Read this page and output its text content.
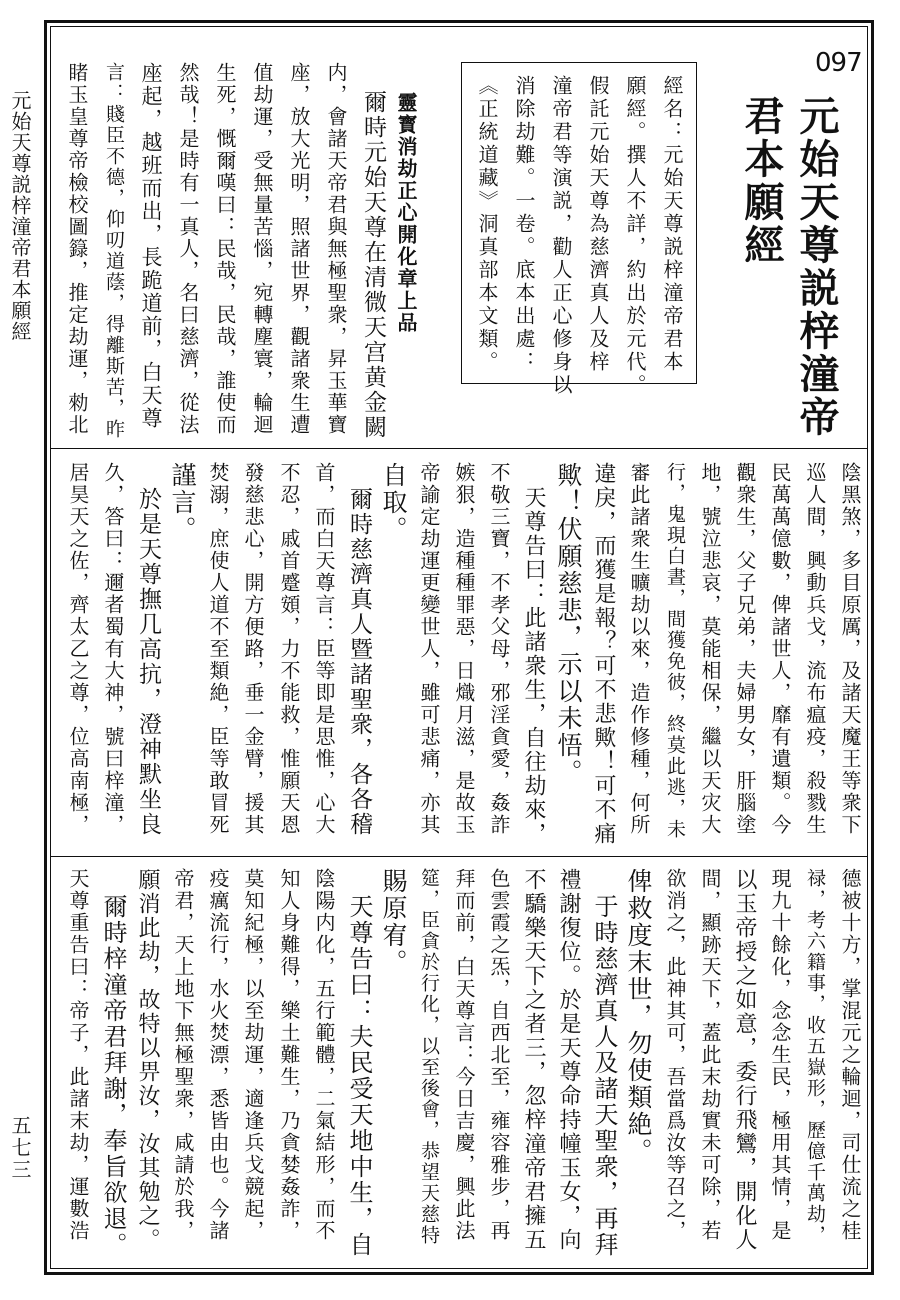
元始天尊説梓潼帝君本願經
五七三
097
元始天尊説梓潼帝
君本願經
經名：元始天尊説梓潼帝君本
願經。撰人不詳，約出於元代。
假託元始天尊為慈濟真人及梓
潼帝君等演説，勸人正心修身以
消除劫難。一卷。底本出處：
《正統道藏》洞真部本文類。
靈寳消劫正心開化章上品
爾時元始天尊在清微天宫黄金闕
内，會諸天帝君與無極聖衆，昇玉華寶
座，放大光明，照諸世界，觀諸衆生遭
值劫運，受無量苦惱，宛轉塵寰，輪迴
生死，慨爾嘆曰：民哉，民哉，誰使而
然哉！是時有一真人，名曰慈濟，從法
座起，越班而出，長跪道前，白天尊
言：賤臣不德，仰叨道蔭，得離斯苦，昨
睹玉皇尊帝檢校圖籙，推定劫運，勑北
陰黑煞，多目原厲，及諸天魔王等衆下
巡人間，興動兵戈，流布瘟疫，殺戮生
民萬萬億數，俾諸世人，靡有遺類。今
觀衆生，父子兄弟，夫婦男女，肝腦塗
地，號泣悲哀，莫能相保，繼以天灾大
行，鬼現白晝，間獲免彼，終莫此逃，未
審此諸衆生曠劫以來，造作修種，何所
違戾，而獲是報？可不悲歟！可不痛
歟！伏願慈悲，示以未悟。
　天尊告曰：此諸衆生，自往劫來，
不敬三寶，不孝父母，邪淫貪愛，姦詐
嫉狠，造種種罪惡，日熾月滋，是故玉
帝諭定劫運更變世人，雖可悲痛，亦其
自取。
　爾時慈濟真人暨諸聖衆，各各稽
首，而白天尊言：臣等即是思惟，心大
不忍，戚首蹙頞，力不能救，惟願天恩
發慈悲心，開方便路，垂一金臂，援其
焚溺，庶使人道不至類絶，臣等敢冒死
謹言。
　於是天尊撫几高抗，澄神默坐良
久，答曰：邇者蜀有大神，號曰梓潼，
居昊天之佐，齊太乙之尊，位高南極，
德被十方，掌混元之輪迴，司仕流之桂
禄，考六籍事，收五嶽形，歷億千萬劫，
現九十餘化，念念生民，極用其情，是
以玉帝授之如意，委行飛鸞，開化人
間，顯跡天下，蓋此末劫實未可除，若
欲消之，此神其可，吾當爲汝等召之，
俾救度末世，勿使類絶。
　于時慈濟真人及諸天聖衆，再拜
禮謝復位。於是天尊命持幢玉女，向
不驕樂天下之者三，忽梓潼帝君擁五
色雲霞之炁，自西北至，雍容雅步，再
拜而前，白天尊言：今日吉慶，興此法
筵，臣貪於行化，以至後會，恭望天慈特
賜原宥。
　天尊告曰：夫民受天地中生，自
陰陽内化，五行範體，二氣結形，而不
知人身難得，樂土難生，乃貪婪姦詐，
莫知紀極，以至劫運，適逢兵戈競起，
疫癘流行，水火焚漂，悉皆由也。今諸
帝君，天上地下無極聖衆，咸請於我，
願消此劫，故特以畀汝，汝其勉之。
　爾時梓潼帝君拜謝，奉旨欲退。
天尊重告曰：帝子，此諸末劫，運數浩
